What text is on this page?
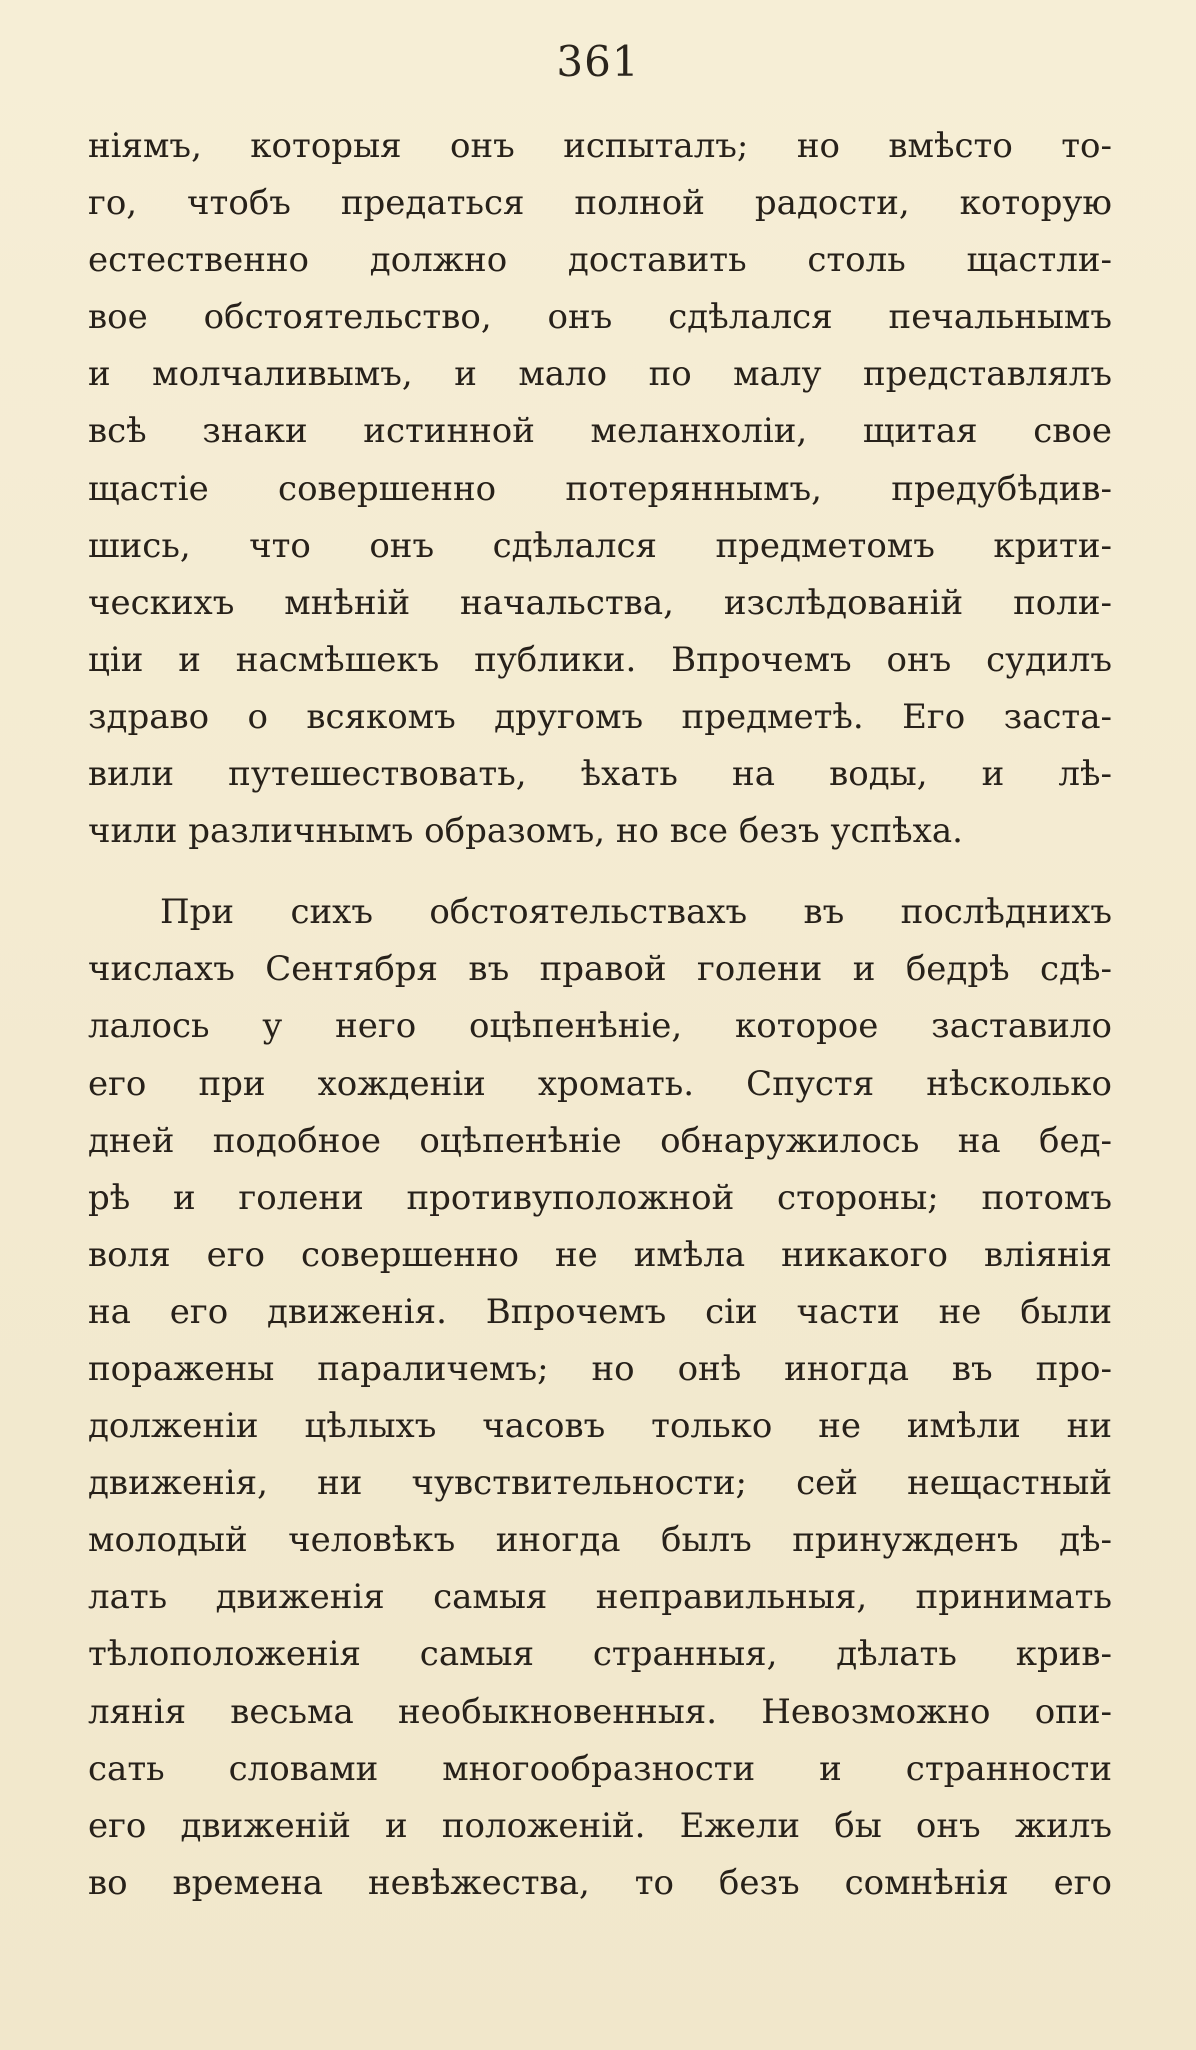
361
ніямъ, которыя онъ испыталъ; но вмѣсто то-
го, чтобъ предаться полной радости, которую
естественно должно доставить столь щастли-
вое обстоятельство, онъ сдѣлался печальнымъ
и молчаливымъ, и мало по малу представлялъ
всѣ знаки истинной меланхоліи, щитая свое
щастіе совершенно потеряннымъ, предубѣдив-
шись, что онъ сдѣлался предметомъ крити-
ческихъ мнѣній начальства, изслѣдованій поли-
ціи и насмѣшекъ публики. Впрочемъ онъ судилъ
здраво о всякомъ другомъ предметѣ. Его заста-
вили путешествовать, ѣхать на воды, и лѣ-
чили различнымъ образомъ, но все безъ успѣха.
При сихъ обстоятельствахъ въ послѣднихъ
числахъ Сентября въ правой голени и бедрѣ сдѣ-
лалось у него оцѣпенѣніе, которое заставило
его при хожденіи хромать. Спустя нѣсколько
дней подобное оцѣпенѣніе обнаружилось на бед-
рѣ и голени противуположной стороны; потомъ
воля его совершенно не имѣла никакого вліянія
на его движенія. Впрочемъ сіи части не были
поражены параличемъ; но онѣ иногда въ про-
долженіи цѣлыхъ часовъ только не имѣли ни
движенія, ни чувствительности; сей нещастный
молодый человѣкъ иногда былъ принужденъ дѣ-
лать движенія самыя неправильныя, принимать
тѣлоположенія самыя странныя, дѣлать крив-
лянія весьма необыкновенныя. Невозможно опи-
сать словами многообразности и странности
его движеній и положеній. Ежели бы онъ жилъ
во времена невѣжества, то безъ сомнѣнія его
